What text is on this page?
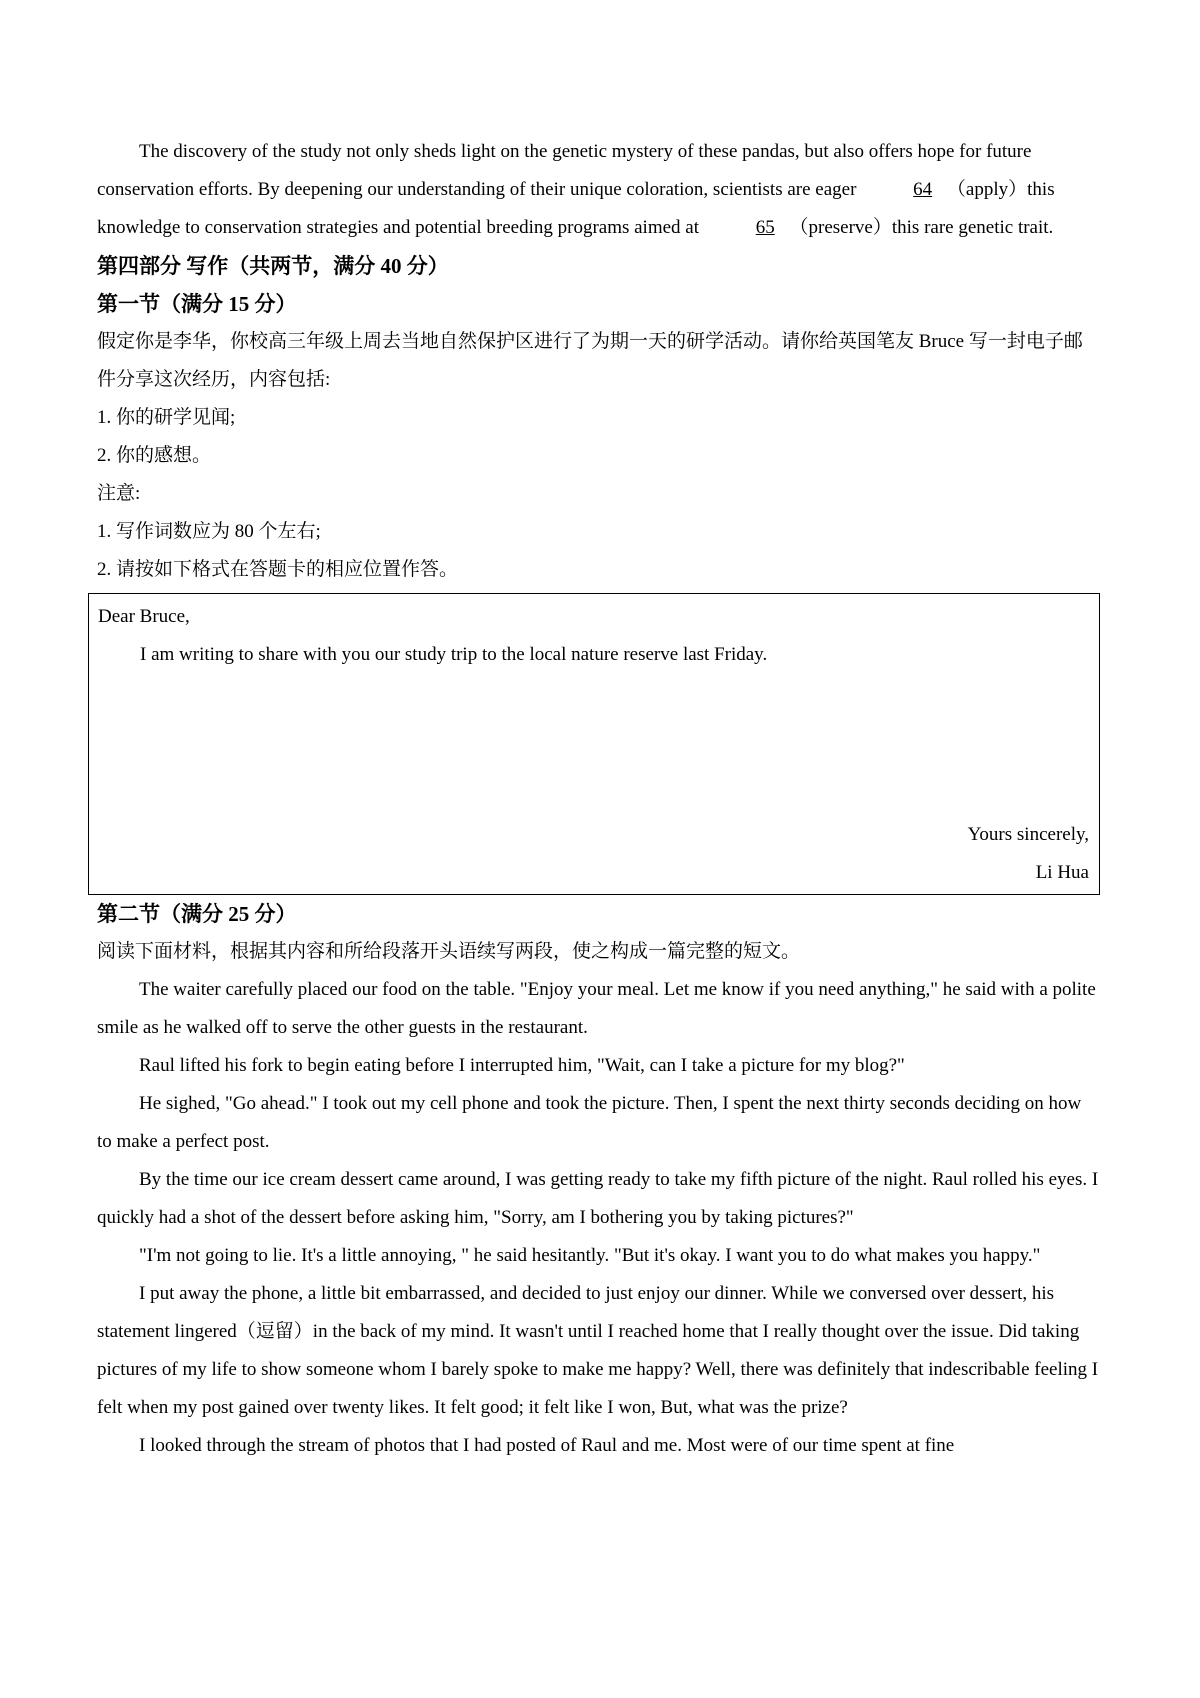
The discovery of the study not only sheds light on the genetic mystery of these pandas, but also offers hope for future conservation efforts. By deepening our understanding of their unique coloration, scientists are eager	64 （apply）this knowledge to conservation strategies and potential breeding programs aimed at	65 （preserve）this rare genetic trait.

第四部分 写作（共两节，满分 40 分）

第一节（满分 15 分）

假定你是李华，你校高三年级上周去当地自然保护区进行了为期一天的研学活动。请你给英国笔友 Bruce 写一封电子邮件分享这次经历，内容包括:

1. 你的研学见闻;

2. 你的感想。

注意:

1. 写作词数应为 80 个左右;

2. 请按如下格式在答题卡的相应位置作答。

Dear Bruce,

I am writing to share with you our study trip to the local nature reserve last Friday.

Yours sincerely,

Li Hua

第二节（满分 25 分）

阅读下面材料，根据其内容和所给段落开头语续写两段，使之构成一篇完整的短文。

The waiter carefully placed our food on the table. "Enjoy your meal. Let me know if you need anything," he said with a polite smile as he walked off to serve the other guests in the restaurant.

Raul lifted his fork to begin eating before I interrupted him, "Wait, can I take a picture for my blog?"

He sighed, "Go ahead." I took out my cell phone and took the picture. Then, I spent the next thirty seconds deciding on how to make a perfect post.

By the time our ice cream dessert came around, I was getting ready to take my fifth picture of the night. Raul rolled his eyes. I quickly had a shot of the dessert before asking him, "Sorry, am I bothering you by taking pictures?"

"I'm not going to lie. It's a little annoying, " he said hesitantly. "But it's okay. I want you to do what makes you happy."

I put away the phone, a little bit embarrassed, and decided to just enjoy our dinner. While we conversed over dessert, his statement lingered（逗留）in the back of my mind. It wasn't until I reached home that I really thought over the issue. Did taking pictures of my life to show someone whom I barely spoke to make me happy? Well, there was definitely that indescribable feeling I felt when my post gained over twenty likes. It felt good; it felt like I won, But, what was the prize?

I looked through the stream of photos that I had posted of Raul and me. Most were of our time spent at fine
